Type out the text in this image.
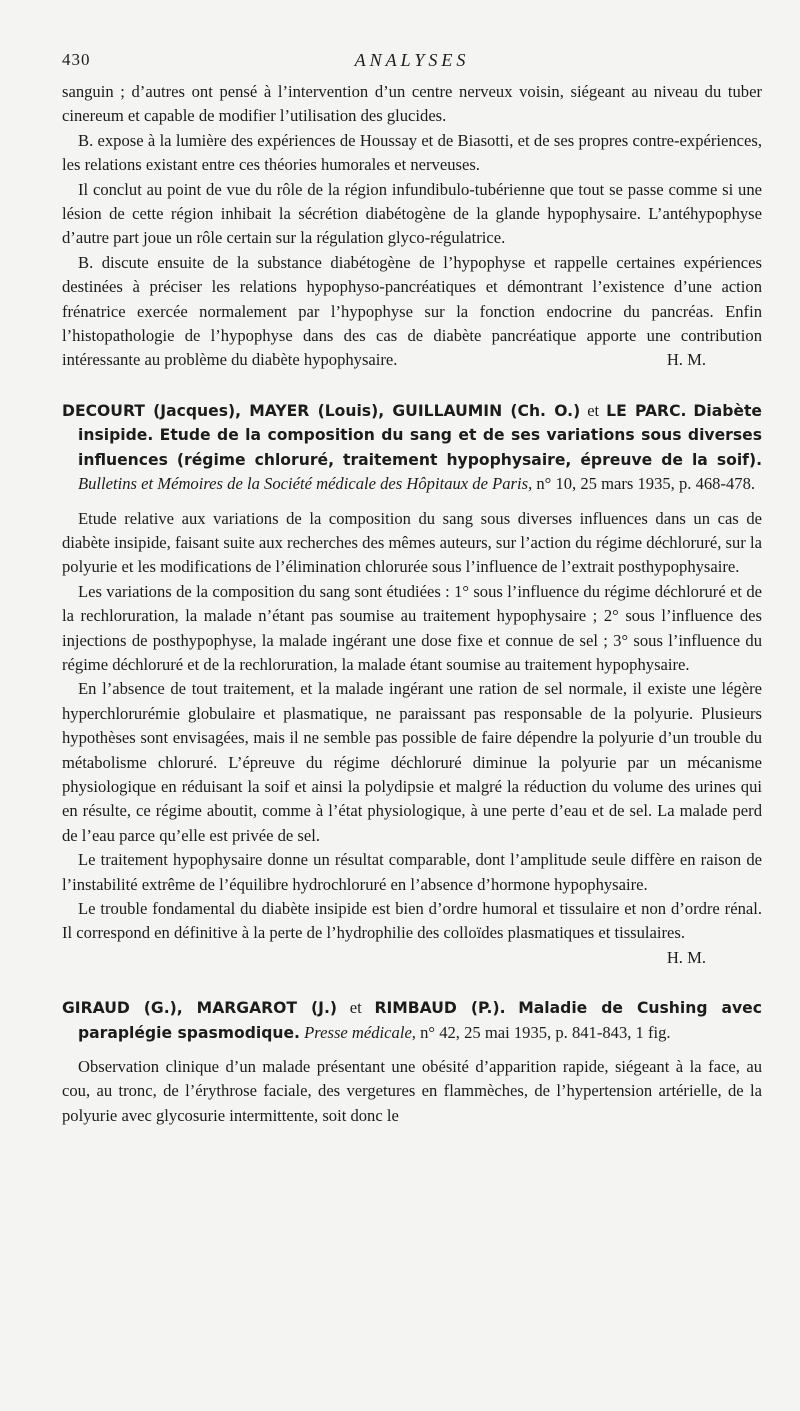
430	ANALYSES

sanguin ; d’autres ont pensé à l’intervention d’un centre nerveux voisin, siégeant au niveau du tuber cinereum et capable de modifier l’utilisation des glucides.

B. expose à la lumière des expériences de Houssay et de Biasotti, et de ses propres contre-expériences, les relations existant entre ces théories humorales et nerveuses.

Il conclut au point de vue du rôle de la région infundibulo-tubérienne que tout se passe comme si une lésion de cette région inhibait la sécrétion diabétogène de la glande hypophysaire. L’antéhypophyse d’autre part joue un rôle certain sur la régulation glyco-régulatrice.

B. discute ensuite de la substance diabétogène de l’hypophyse et rappelle certaines expériences destinées à préciser les relations hypophyso-pancréatiques et démontrant l’existence d’une action frénatrice exercée normalement par l’hypophyse sur la fonction endocrine du pancréas. Enfin l’histopathologie de l’hypophyse dans des cas de diabète pancréatique apporte une contribution intéressante au problème du diabète hypophysaire.	H. M.

DECOURT (Jacques), MAYER (Louis), GUILLAUMIN (Ch. O.) et LE PARC. Diabète insipide. Etude de la composition du sang et de ses variations sous diverses influences (régime chloruré, traitement hypophysaire, épreuve de la soif). Bulletins et Mémoires de la Société médicale des Hôpitaux de Paris, n° 10, 25 mars 1935, p. 468-478.

Etude relative aux variations de la composition du sang sous diverses influences dans un cas de diabète insipide, faisant suite aux recherches des mêmes auteurs, sur l’action du régime déchloruré, sur la polyurie et les modifications de l’élimination chlorurée sous l’influence de l’extrait posthypophysaire.

Les variations de la composition du sang sont étudiées : 1° sous l’influence du régime déchloruré et de la rechloruration, la malade n’étant pas soumise au traitement hypophysaire ; 2° sous l’influence des injections de posthypophyse, la malade ingérant une dose fixe et connue de sel ; 3° sous l’influence du régime déchloruré et de la rechloruration, la malade étant soumise au traitement hypophysaire.

En l’absence de tout traitement, et la malade ingérant une ration de sel normale, il existe une légère hyperchlorurémie globulaire et plasmatique, ne paraissant pas responsable de la polyurie. Plusieurs hypothèses sont envisagées, mais il ne semble pas possible de faire dépendre la polyurie d’un trouble du métabolisme chloruré. L’épreuve du régime déchloruré diminue la polyurie par un mécanisme physiologique en réduisant la soif et ainsi la polydipsie et malgré la réduction du volume des urines qui en résulte, ce régime aboutit, comme à l’état physiologique, à une perte d’eau et de sel. La malade perd de l’eau parce qu’elle est privée de sel.

Le traitement hypophysaire donne un résultat comparable, dont l’amplitude seule diffère en raison de l’instabilité extrême de l’équilibre hydrochloruré en l’absence d’hormone hypophysaire.

Le trouble fondamental du diabète insipide est bien d’ordre humoral et tissulaire et non d’ordre rénal. Il correspond en définitive à la perte de l’hydrophilie des colloïdes plasmatiques et tissulaires.
H. M.

GIRAUD (G.), MARGAROT (J.) et RIMBAUD (P.). Maladie de Cushing avec paraplégie spasmodique. Presse médicale, n° 42, 25 mai 1935, p. 841-843, 1 fig.

Observation clinique d’un malade présentant une obésité d’apparition rapide, siégeant à la face, au cou, au tronc, de l’érythrose faciale, des vergetures en flammèches, de l’hypertension artérielle, de la polyurie avec glycosurie intermittente, soit donc le
